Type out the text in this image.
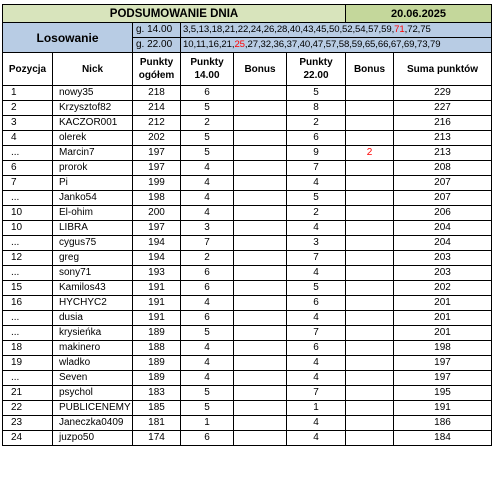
PODSUMOWANIE DNIA						20.06.2025	
Losowanie		g. 14.00	3,5,13,18,21,22,24,26,28,40,43,45,50,52,54,57,59,71,72,75				
		g. 22.00	10,11,16,21,25,27,32,36,37,40,47,57,58,59,65,66,67,69,73,79				
Pozycja	Nick	Punkty ogółem	Punkty 14.00	Bonus	Punkty 22.00	Bonus	Suma punktów
1	nowy35	218	6		5		229
2	Krzysztof82	214	5		8		227
3	KACZOR001	212	2		2		216
4	olerek	202	5		6		213
...	Marcin7	197	5		9	2	213
6	prorok	197	4		7		208
7	Pi	199	4		4		207
...	Janko54	198	4		5		207
10	El-ohim	200	4		2		206
10	LIBRA	197	3		4		204
...	cygus75	194	7		3		204
12	greg	194	2		7		203
...	sony71	193	6		4		203
15	Kamilos43	191	6		5		202
16	HYCHYC2	191	4		6		201
...	dusia	191	6		4		201
...	krysieńka	189	5		7		201
18	makinero	188	4		6		198
19	wladko	189	4		4		197
...	Seven	189	4		4		197
21	psychol	183	5		7		195
22	PUBLICENEMY	185	5		1		191
23	Janeczka0409	181	1		4		186
24	juzpo50	174	6		4		184
